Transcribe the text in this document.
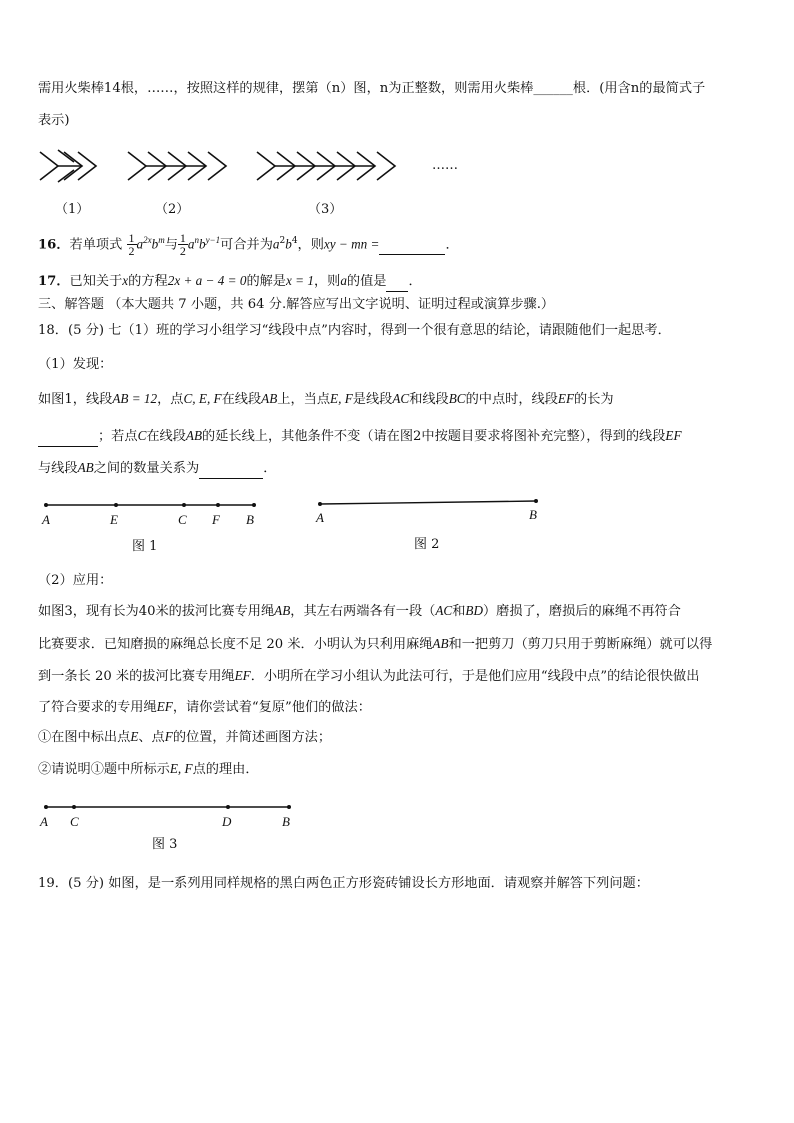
需用火柴棒14根，……，按照这样的规律，摆第（n）图，n为正整数，则需用火柴棒______根．(用含n的最简式子
表示)
（1）	（2）	（3）
……
16．若单项式 $\frac{1}{2} a^{2x}b^m$与 $\frac{1}{2} a^nb^{y-1}$可合并为$a^2b^4$，则xy − mn =	．
17．已知关于x的方程2x + a − 4 = 0的解是x = 1，则a的值是 ．
三、解答题 （本大题共 7 小题，共 64 分.解答应写出文字说明、证明过程或演算步骤.）
18．(5 分) 七（1）班的学习小组学习“线段中点”内容时，得到一个很有意思的结论，请跟随他们一起思考．
（1）发现：
如图1，线段AB = 12，点C, E, F在线段AB上，当点E, F是线段AC和线段BC的中点时，线段EF的长为
；若点C在线段AB的延长线上，其他条件不变（请在图2中按题目要求将图补充完整），得到的线段EF
与线段AB之间的数量关系为	．
A	E	C F B
图 1
A	B
图 2
（2）应用：
如图3，现有长为40米的拔河比赛专用绳AB，其左右两端各有一段（AC和BD）磨损了，磨损后的麻绳不再符合
比赛要求．已知磨损的麻绳总长度不足 20 米．小明认为只利用麻绳AB和一把剪刀（剪刀只用于剪断麻绳）就可以得
到一条长 20 米的拔河比赛专用绳EF．小明所在学习小组认为此法可行，于是他们应用“线段中点”的结论很快做出
了符合要求的专用绳EF，请你尝试着“复原”他们的做法：
①在图中标出点E、点F的位置，并简述画图方法；
②请说明①题中所标示E, F点的理由．
A C	D	B
图 3
19．(5 分) 如图，是一系列用同样规格的黑白两色正方形瓷砖铺设长方形地面．请观察并解答下列问题：
